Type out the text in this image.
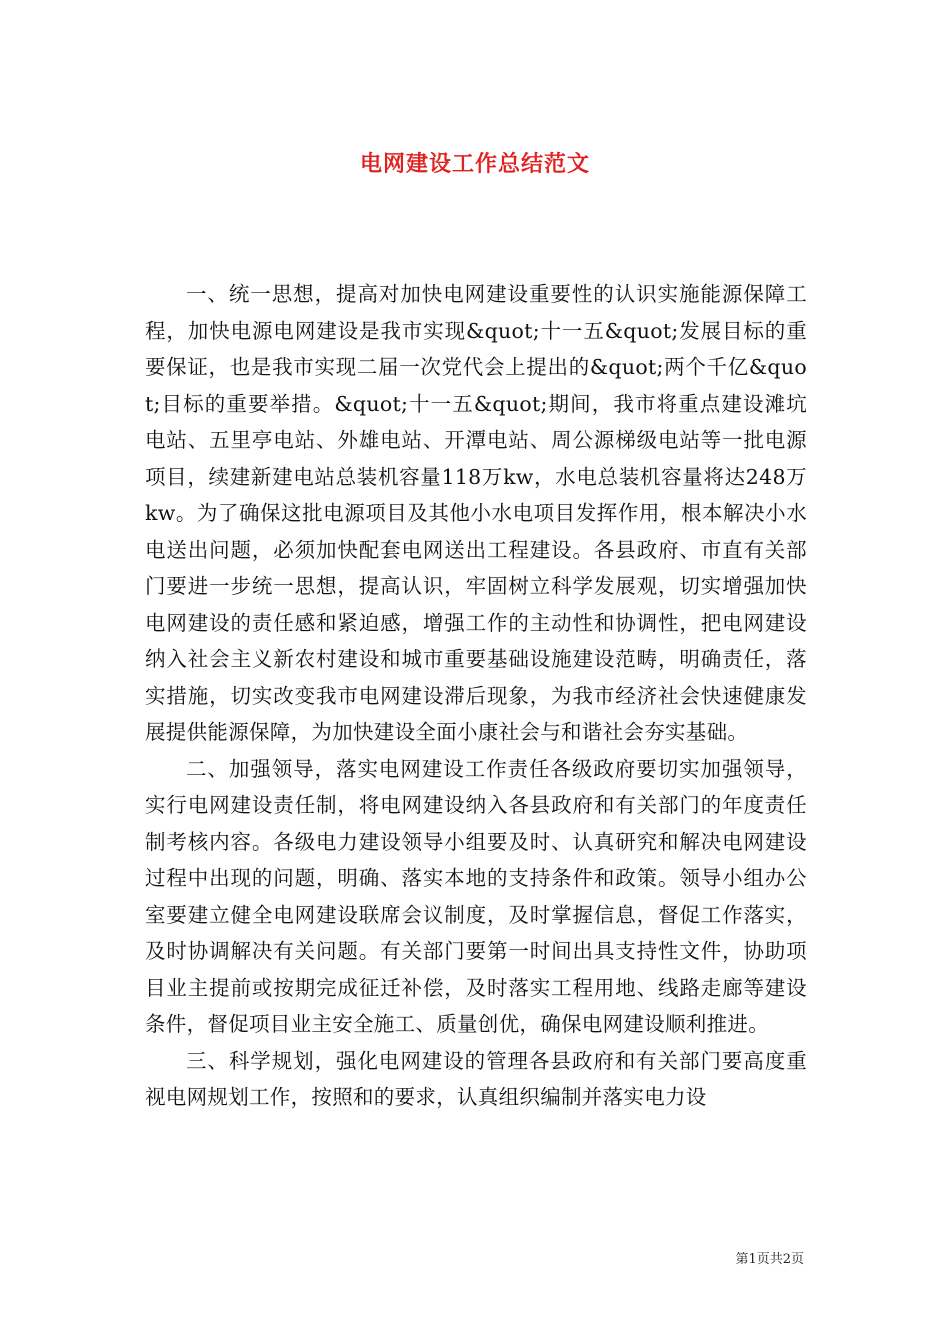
电网建设工作总结范文

一、统一思想，提高对加快电网建设重要性的认识实施能源保障工程，加快电源电网建设是我市实现&quot;十一五&quot;发展目标的重要保证，也是我市实现二届一次党代会上提出的&quot;两个千亿&quot;目标的重要举措。&quot;十一五&quot;期间，我市将重点建设滩坑电站、五里亭电站、外雄电站、开潭电站、周公源梯级电站等一批电源项目，续建新建电站总装机容量118万kw，水电总装机容量将达248万kw。为了确保这批电源项目及其他小水电项目发挥作用，根本解决小水电送出问题，必须加快配套电网送出工程建设。各县政府、市直有关部门要进一步统一思想，提高认识，牢固树立科学发展观，切实增强加快电网建设的责任感和紧迫感，增强工作的主动性和协调性，把电网建设纳入社会主义新农村建设和城市重要基础设施建设范畴，明确责任，落实措施，切实改变我市电网建设滞后现象，为我市经济社会快速健康发展提供能源保障，为加快建设全面小康社会与和谐社会夯实基础。

二、加强领导，落实电网建设工作责任各级政府要切实加强领导，实行电网建设责任制，将电网建设纳入各县政府和有关部门的年度责任制考核内容。各级电力建设领导小组要及时、认真研究和解决电网建设过程中出现的问题，明确、落实本地的支持条件和政策。领导小组办公室要建立健全电网建设联席会议制度，及时掌握信息，督促工作落实，及时协调解决有关问题。有关部门要第一时间出具支持性文件，协助项目业主提前或按期完成征迁补偿，及时落实工程用地、线路走廊等建设条件，督促项目业主安全施工、质量创优，确保电网建设顺利推进。

三、科学规划，强化电网建设的管理各县政府和有关部门要高度重视电网规划工作，按照和的要求，认真组织编制并落实电力设

第1页共2页
